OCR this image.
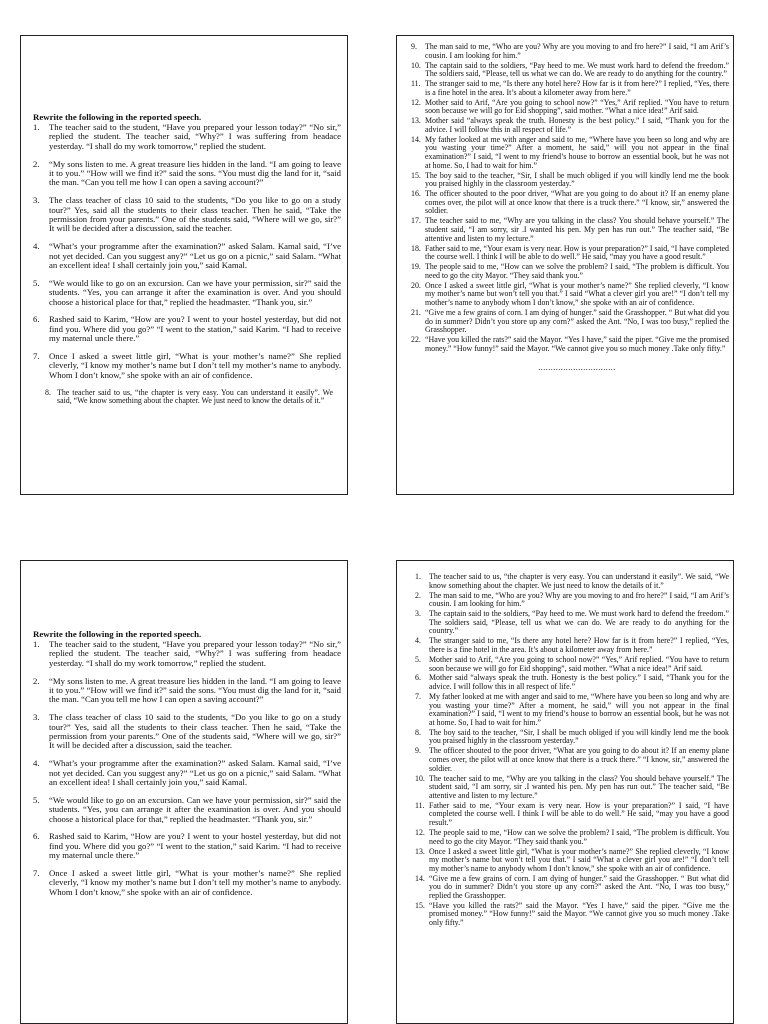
Rewrite the following in the reported speech.
1. The teacher said to the student, “Have you prepared your lesson today?” “No sir,” replied the student. The teacher said, “Why?” I was suffering from headace yesterday. “I shall do my work tomorrow,” replied the student.
2. “My sons listen to me. A great treasure lies hidden in the land. “I am going to leave it to you.” “How will we find it?” said the sons. “You must dig the land for it, “said the man. “Can you tell me how I can open a saving account?”
3. The class teacher of class 10 said to the students, “Do you like to go on a study tour?” Yes, said all the students to their class teacher. Then he said, “Take the permission from your parents.” One of the students said, “Where will we go, sir?” It will be decided after a discussion, said the teacher.
4. “What’s your programme after the examination?” asked Salam. Kamal said, “I’ve not yet decided. Can you suggest any?” “Let us go on a picnic,” said Salam. “What an excellent idea! I shall certainly join you,” said Kamal.
5. “We would like to go on an excursion. Can we have your permission, sir?” said the students. “Yes, you can arrange it after the examination is over. And you should choose a historical place for that,” replied the headmaster. “Thank you, sir.”
6. Rashed said to Karim, “How are you? I went to your hostel yesterday, but did not find you. Where did you go?” “I went to the station,” said Karim. “I had to receive my maternal uncle there.”
7. Once I asked a sweet little girl, “What is your mother’s name?” She replied cleverly, “I know my mother’s name but I don’t tell my mother’s name to anybody. Whom I don’t know,” she spoke with an air of confidence.
8. The teacher said to us, “the chapter is very easy. You can understand it easily”. We said, “We know something about the chapter. We just need to know the details of it.”
9. The man said to me, “Who are you? Why are you moving to and fro here?” I said, “I am Arif’s cousin. I am looking for him.”
10. The captain said to the soldiers, “Pay heed to me. We must work hard to defend the freedom.” The soldiers said, “Please, tell us what we can do. We are ready to do anything for the country.”
11. The stranger said to me, “Is there any hotel here? How far is it from here?” I replied, “Yes, there is a fine hotel in the area. It’s about a kilometer away from here.”
12. Mother said to Arif, “Are you going to school now?” “Yes,” Arif replied. “You have to return soon because we will go for Eid shopping”, said mother. “What a nice idea!” Arif said.
13. Mother said “always speak the truth. Honesty is the best policy.” I said, “Thank you for the advice. I will follow this in all respect of life.”
14. My father looked at me with anger and said to me, “Where have you been so long and why are you wasting your time?” After a moment, he said,” will you not appear in the final examination?” I said, “I went to my friend’s house to borrow an essential book, but he was not at home. So, I had to wait for him.”
15. The boy said to the teacher, “Sir, I shall be much obliged if you will kindly lend me the book you praised highly in the classroom yesterday.”
16. The officer shouted to the poor driver, “What are you going to do about it? If an enemy plane comes over, the pilot will at once know that there is a truck there.” “I know, sir,” answered the soldier.
17. The teacher said to me, “Why are you talking in the class? You should behave yourself.” The student said, “I am sorry, sir .I wanted his pen. My pen has run out.” The teacher said, “Be attentive and listen to my lecture.”
18. Father said to me, “Your exam is very near. How is your preparation?” I said, “I have completed the course well. I think I will be able to do well.” He said, “may you have a good result.”
19. The people said to me, “How can we solve the problem? I said, “The problem is difficult. You need to go the city Mayor. “They said thank you.”
20. Once I asked a sweet little girl, “What is your mother’s name?” She replied cleverly, “I know my mother’s name but won’t tell you that.” I said “What a clever girl you are!” “I don’t tell my mother’s name to anybody whom I don’t know,” she spoke with an air of confidence.
21. “Give me a few grains of corn. I am dying of hunger.” said the Grasshopper. “ But what did you do in summer? Didn’t you store up any corn?” asked the Ant. “No, I was too busy,” replied the Grasshopper.
22. “Have you killed the rats?” said the Mayor. “Yes I have,” said the piper. “Give me the promised money.” “How funny!” said the Mayor. “We cannot give you so much money .Take only fifty.”
...............................
Rewrite the following in the reported speech.
1. The teacher said to the student, “Have you prepared your lesson today?” “No sir,” replied the student. The teacher said, “Why?” I was suffering from headace yesterday. “I shall do my work tomorrow,” replied the student.
2. “My sons listen to me. A great treasure lies hidden in the land. “I am going to leave it to you.” “How will we find it?” said the sons. “You must dig the land for it, “said the man. “Can you tell me how I can open a saving account?”
3. The class teacher of class 10 said to the students, “Do you like to go on a study tour?” Yes, said all the students to their class teacher. Then he said, “Take the permission from your parents.” One of the students said, “Where will we go, sir?” It will be decided after a discussion, said the teacher.
4. “What’s your programme after the examination?” asked Salam. Kamal said, “I’ve not yet decided. Can you suggest any?” “Let us go on a picnic,” said Salam. “What an excellent idea! I shall certainly join you,” said Kamal.
5. “We would like to go on an excursion. Can we have your permission, sir?” said the students. “Yes, you can arrange it after the examination is over. And you should choose a historical place for that,” replied the headmaster. “Thank you, sir.”
6. Rashed said to Karim, “How are you? I went to your hostel yesterday, but did not find you. Where did you go?” “I went to the station,” said Karim. “I had to receive my maternal uncle there.”
7. Once I asked a sweet little girl, “What is your mother’s name?” She replied cleverly, “I know my mother’s name but I don’t tell my mother’s name to anybody. Whom I don’t know,” she spoke with an air of confidence.
1. The teacher said to us, “the chapter is very easy. You can understand it easily”. We said, “We know something about the chapter. We just need to know the details of it.”
2. The man said to me, “Who are you? Why are you moving to and fro here?” I said, “I am Arif’s cousin. I am looking for him.”
3. The captain said to the soldiers, “Pay heed to me. We must work hard to defend the freedom.” The soldiers said, “Please, tell us what we can do. We are ready to do anything for the country.”
4. The stranger said to me, “Is there any hotel here? How far is it from here?” I replied, “Yes, there is a fine hotel in the area. It’s about a kilometer away from here.”
5. Mother said to Arif, “Are you going to school now?” “Yes,” Arif replied. “You have to return soon because we will go for Eid shopping”, said mother. “What a nice idea!” Arif said.
6. Mother said “always speak the truth. Honesty is the best policy.” I said, “Thank you for the advice. I will follow this in all respect of life.”
7. My father looked at me with anger and said to me, “Where have you been so long and why are you wasting your time?” After a moment, he said,” will you not appear in the final examination?” I said, “I went to my friend’s house to borrow an essential book, but he was not at home. So, I had to wait for him.”
8. The boy said to the teacher, “Sir, I shall be much obliged if you will kindly lend me the book you praised highly in the classroom yesterday.”
9. The officer shouted to the poor driver, “What are you going to do about it? If an enemy plane comes over, the pilot will at once know that there is a truck there.” “I know, sir,” answered the soldier.
10. The teacher said to me, “Why are you talking in the class? You should behave yourself.” The student said, “I am sorry, sir .I wanted his pen. My pen has run out.” The teacher said, “Be attentive and listen to my lecture.”
11. Father said to me, “Your exam is very near. How is your preparation?” I said, “I have completed the course well. I think I will be able to do well.” He said, “may you have a good result.”
12. The people said to me, “How can we solve the problem? I said, “The problem is difficult. You need to go the city Mayor. “They said thank you.”
13. Once I asked a sweet little girl, “What is your mother’s name?” She replied cleverly, “I know my mother’s name but won’t tell you that.” I said “What a clever girl you are!” “I don’t tell my mother’s name to anybody whom I don’t know,” she spoke with an air of confidence.
14. “Give me a few grains of corn. I am dying of hunger.” said the Grasshopper. “ But what did you do in summer? Didn’t you store up any corn?” asked the Ant. “No, I was too busy,” replied the Grasshopper.
15. “Have you killed the rats?” said the Mayor. “Yes I have,” said the piper. “Give me the promised money.” “How funny!” said the Mayor. “We cannot give you so much money .Take only fifty.”
